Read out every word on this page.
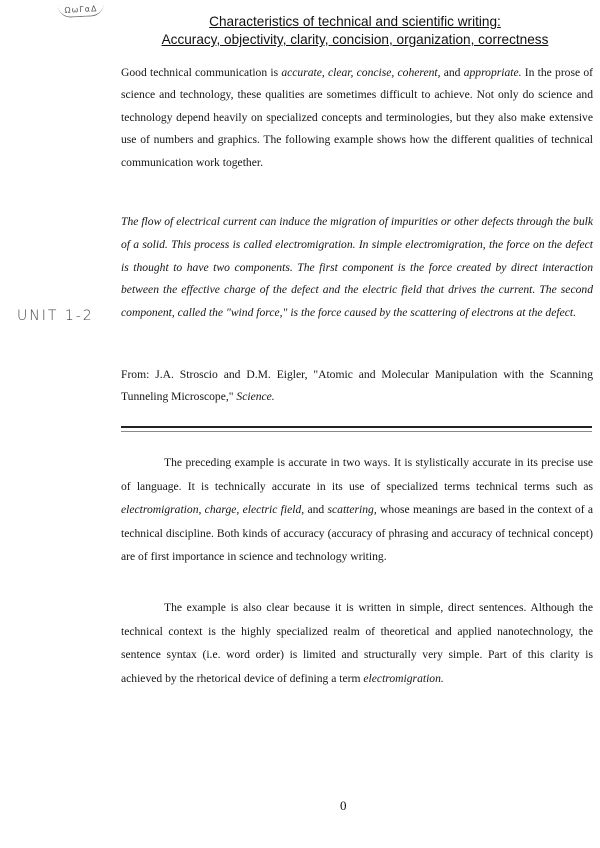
ΩωΓαΔ
Characteristics of technical and scientific writing:
Accuracy, objectivity, clarity, concision, organization, correctness

Good technical communication is accurate, clear, concise, coherent, and appropriate. In the prose of science and technology, these qualities are sometimes difficult to achieve. Not only do science and technology depend heavily on specialized concepts and terminologies, but they also make extensive use of numbers and graphics. The following example shows how the different qualities of technical communication work together.

The flow of electrical current can induce the migration of impurities or other defects through the bulk of a solid. This process is called electromigration. In simple electromigration, the force on the defect is thought to have two components. The first component is the force created by direct interaction between the effective charge of the defect and the electric field that drives the current. The second component, called the "wind force," is the force caused by the scattering of electrons at the defect.

UNIT 1-2

From: J.A. Stroscio and D.M. Eigler, "Atomic and Molecular Manipulation with the Scanning Tunneling Microscope," Science.

The preceding example is accurate in two ways. It is stylistically accurate in its precise use of language. It is technically accurate in its use of specialized terms technical terms such as electromigration, charge, electric field, and scattering, whose meanings are based in the context of a technical discipline. Both kinds of accuracy (accuracy of phrasing and accuracy of technical concept) are of first importance in science and technology writing.

The example is also clear because it is written in simple, direct sentences. Although the technical context is the highly specialized realm of theoretical and applied nanotechnology, the sentence syntax (i.e. word order) is limited and structurally very simple. Part of this clarity is achieved by the rhetorical device of defining a term electromigration.

0
